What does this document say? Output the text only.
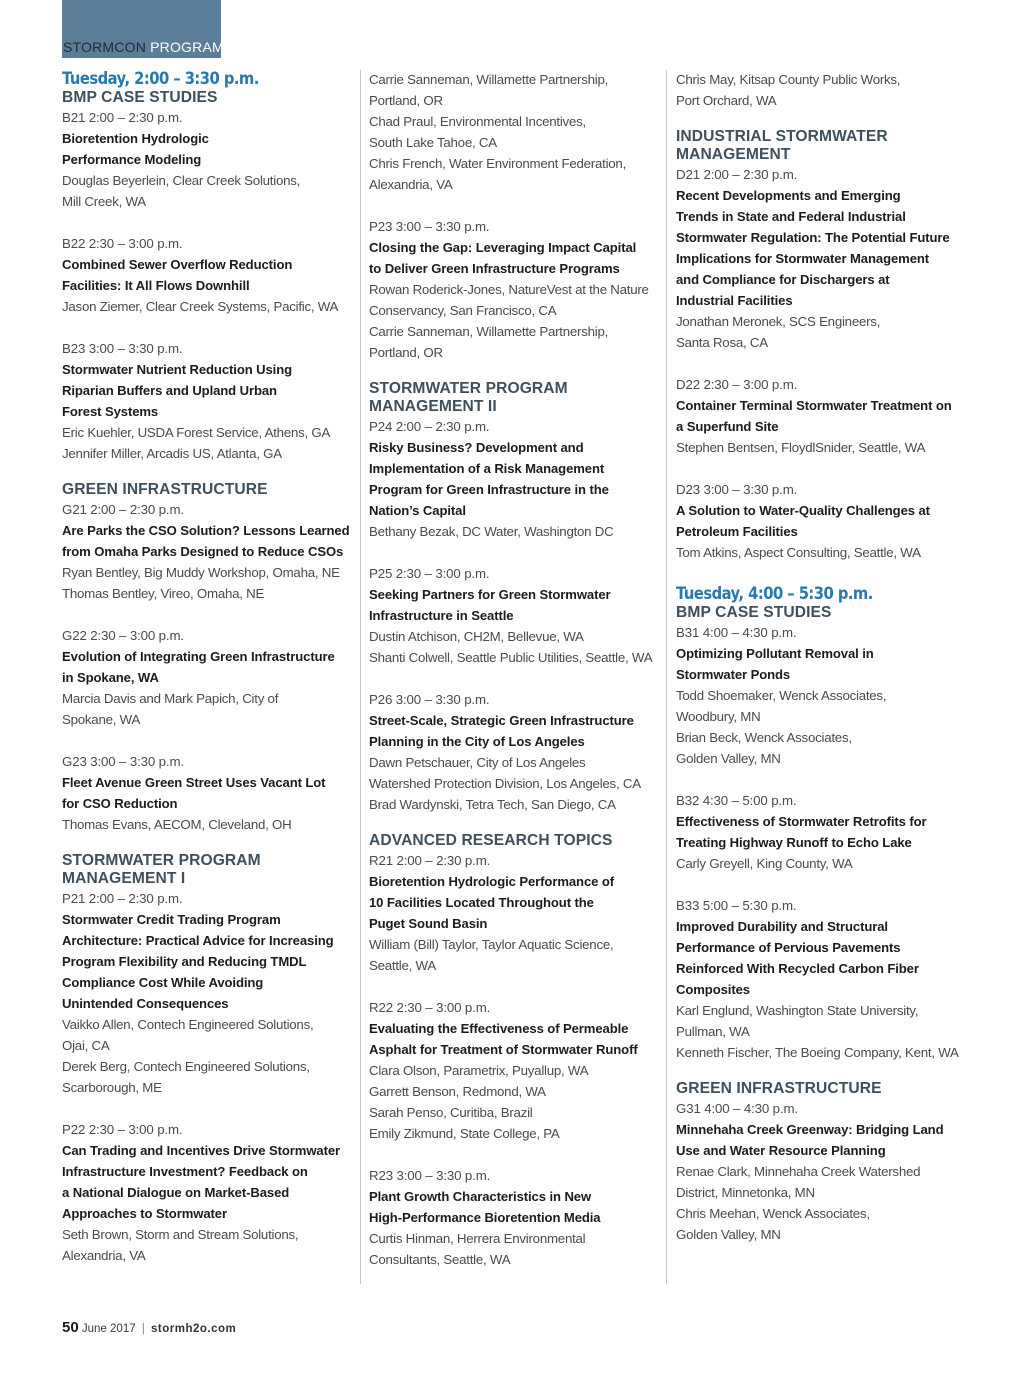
STORMCON PROGRAM
Tuesday, 2:00 – 3:30 p.m.
BMP CASE STUDIES

B21 2:00 – 2:30 p.m.

Bioretention Hydrologic

Performance Modeling

Douglas Beyerlein, Clear Creek Solutions,

Mill Creek, WA

B22 2:30 – 3:00 p.m.

Combined Sewer Overflow Reduction

Facilities: It All Flows Downhill

Jason Ziemer, Clear Creek Systems, Pacific, WA

B23 3:00 – 3:30 p.m.

Stormwater Nutrient Reduction Using

Riparian Buffers and Upland Urban

Forest Systems

Eric Kuehler, USDA Forest Service, Athens, GA

Jennifer Miller, Arcadis US, Atlanta, GA

GREEN INFRASTRUCTURE

G21 2:00 – 2:30 p.m.

Are Parks the CSO Solution? Lessons Learned

from Omaha Parks Designed to Reduce CSOs

Ryan Bentley, Big Muddy Workshop, Omaha, NE

Thomas Bentley, Vireo, Omaha, NE

G22 2:30 – 3:00 p.m.

Evolution of Integrating Green Infrastructure

in Spokane, WA

Marcia Davis and Mark Papich, City of

Spokane, WA

G23 3:00 – 3:30 p.m.

Fleet Avenue Green Street Uses Vacant Lot

for CSO Reduction

Thomas Evans, AECOM, Cleveland, OH

STORMWATER PROGRAM
MANAGEMENT I

P21 2:00 – 2:30 p.m.

Stormwater Credit Trading Program

Architecture: Practical Advice for Increasing

Program Flexibility and Reducing TMDL

Compliance Cost While Avoiding

Unintended Consequences

Vaikko Allen, Contech Engineered Solutions,

Ojai, CA

Derek Berg, Contech Engineered Solutions,

Scarborough, ME

P22 2:30 – 3:00 p.m.

Can Trading and Incentives Drive Stormwater

Infrastructure Investment? Feedback on

a National Dialogue on Market-Based

Approaches to Stormwater

Seth Brown, Storm and Stream Solutions,

Alexandria, VA

Carrie Sanneman, Willamette Partnership,

Portland, OR

Chad Praul, Environmental Incentives,

South Lake Tahoe, CA

Chris French, Water Environment Federation,

Alexandria, VA

P23 3:00 – 3:30 p.m.

Closing the Gap: Leveraging Impact Capital

to Deliver Green Infrastructure Programs

Rowan Roderick-Jones, NatureVest at the Nature

Conservancy, San Francisco, CA

Carrie Sanneman, Willamette Partnership,

Portland, OR

STORMWATER PROGRAM
MANAGEMENT II

P24 2:00 – 2:30 p.m.

Risky Business? Development and

Implementation of a Risk Management

Program for Green Infrastructure in the

Nation’s Capital

Bethany Bezak, DC Water, Washington DC

P25 2:30 – 3:00 p.m.

Seeking Partners for Green Stormwater

Infrastructure in Seattle

Dustin Atchison, CH2M, Bellevue, WA

Shanti Colwell, Seattle Public Utilities, Seattle, WA

P26 3:00 – 3:30 p.m.

Street-Scale, Strategic Green Infrastructure

Planning in the City of Los Angeles

Dawn Petschauer, City of Los Angeles

Watershed Protection Division, Los Angeles, CA

Brad Wardynski, Tetra Tech, San Diego, CA

ADVANCED RESEARCH TOPICS

R21 2:00 – 2:30 p.m.

Bioretention Hydrologic Performance of

10 Facilities Located Throughout the

Puget Sound Basin

William (Bill) Taylor, Taylor Aquatic Science,

Seattle, WA

R22 2:30 – 3:00 p.m.

Evaluating the Effectiveness of Permeable

Asphalt for Treatment of Stormwater Runoff

Clara Olson, Parametrix, Puyallup, WA

Garrett Benson, Redmond, WA

Sarah Penso, Curitiba, Brazil

Emily Zikmund, State College, PA

R23 3:00 – 3:30 p.m.

Plant Growth Characteristics in New

High-Performance Bioretention Media

Curtis Hinman, Herrera Environmental

Consultants, Seattle, WA

Chris May, Kitsap County Public Works,

Port Orchard, WA

INDUSTRIAL STORMWATER
MANAGEMENT

D21 2:00 – 2:30 p.m.

Recent Developments and Emerging

Trends in State and Federal Industrial

Stormwater Regulation: The Potential Future

Implications for Stormwater Management

and Compliance for Dischargers at

Industrial Facilities

Jonathan Meronek, SCS Engineers,

Santa Rosa, CA

D22 2:30 – 3:00 p.m.

Container Terminal Stormwater Treatment on

a Superfund Site

Stephen Bentsen, FloydlSnider, Seattle, WA

D23 3:00 – 3:30 p.m.

A Solution to Water-Quality Challenges at

Petroleum Facilities

Tom Atkins, Aspect Consulting, Seattle, WA

Tuesday, 4:00 – 5:30 p.m.
BMP CASE STUDIES

B31 4:00 – 4:30 p.m.

Optimizing Pollutant Removal in

Stormwater Ponds

Todd Shoemaker, Wenck Associates,

Woodbury, MN

Brian Beck, Wenck Associates,

Golden Valley, MN

B32 4:30 – 5:00 p.m.

Effectiveness of Stormwater Retrofits for

Treating Highway Runoff to Echo Lake

Carly Greyell, King County, WA

B33 5:00 – 5:30 p.m.

Improved Durability and Structural

Performance of Pervious Pavements

Reinforced With Recycled Carbon Fiber

Composites

Karl Englund, Washington State University,

Pullman, WA

Kenneth Fischer, The Boeing Company, Kent, WA

GREEN INFRASTRUCTURE

G31 4:00 – 4:30 p.m.

Minnehaha Creek Greenway: Bridging Land

Use and Water Resource Planning

Renae Clark, Minnehaha Creek Watershed

District, Minnetonka, MN

Chris Meehan, Wenck Associates,

Golden Valley, MN

50 June 2017 | stormh2o.com
